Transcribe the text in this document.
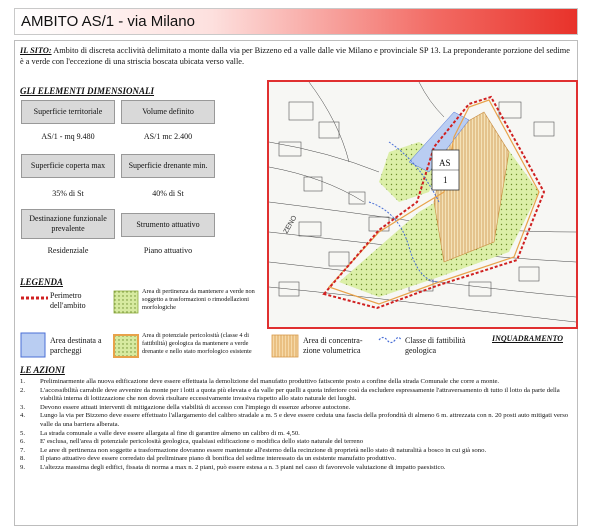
AMBITO AS/1 - via Milano

IL SITO: Ambito di discreta acclività delimitato a monte dalla via per Bizzeno ed a valle dalle vie Milano e provinciale SP 13. La preponderante porzione del sedime è a verde con l'eccezione di una striscia boscata ubicata verso valle.

GLI ELEMENTI DIMENSIONALI
Superficie territoriale	Volume definito
AS/1 - mq 9.480	AS/1 mc 2.400
Superficie coperta max	Superficie drenante min.
35% di St	40% di St
Destinazione funzionale prevalente	Strumento attuativo
Residenziale	Piano attuativo
LEGENDA
Perimetro dell'ambito
Area di pertinenza da mantenere a verde non soggetto a trasformazioni o rimodellazioni morfologiche
Area destinata a parcheggi
Area di potenziale pericolosità (classe 4 di fattibilità) geologica da mantenere a verde drenante e nello stato morfologico esistente
Area di concentra-zione volumetrica
Classe di fattibilità geologica
INQUADRAMENTO
AS
1
ZENO
LE AZIONI
1.	Preliminarmente alla nuova edificazione deve essere effettuata la demolizione del manufatto produttivo fatiscente posto a confine della strada Comunale che corre a monte.
2.	L'accessibilità carrabile deve avvenire da monte per i lotti a quota più elevata e da valle per quelli a quota inferiore così da escludere espressamente l'attraversamento di tutto il lotto da parte della viabilità interna di lottizzazione che non dovrà risultare eccessivamente invasiva rispetto allo stato naturale dei luoghi.
3.	Devono essere attuati interventi di mitigazione della viabilità di accesso con l'impiego di essenze arboree autoctone.
4.	Lungo la via per Bizzeno deve essere effettuato l'allargamento del calibro stradale a m. 5 e deve essere ceduta una fascia della profondità di almeno 6 m. attrezzata con n. 20 posti auto mitigati verso valle da una barriera alberata.
5.	La strada comunale a valle deve essere allargata al fine di garantire almeno un calibro di m. 4,50.
6.	E' esclusa, nell'area di potenziale pericolosità geologica, qualsiasi edificazione o modifica dello stato naturale del terreno
7.	Le aree di pertinenza non soggette a trasformazione dovranno essere mantenute all'esterno della recinzione di proprietà nello stato di naturalità a bosco in cui già sono.
8.	Il piano attuativo deve essere corredato dal preliminare piano di bonifica del sedime interessato da un esistente manufatto produttivo.
9.	L'altezza massima degli edifici, fissata di norma a max n. 2 piani, può essere estesa a n. 3 piani nel caso di favorevole valutazione di impatto paesistico.
